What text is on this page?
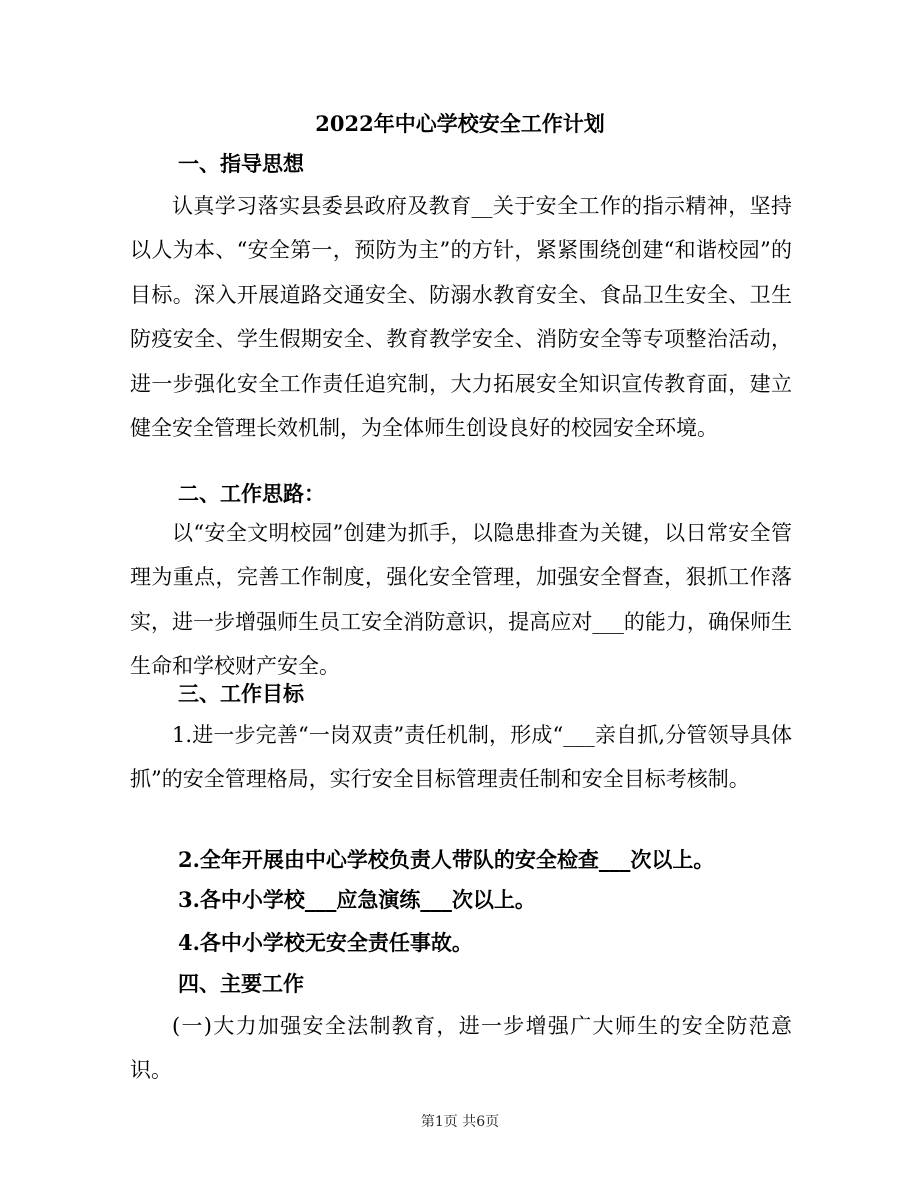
2022年中心学校安全工作计划
一、指导思想

认真学习落实县委县政府及教育__关于安全工作的指示精神，坚持以人为本、“安全第一，预防为主”的方针，紧紧围绕创建“和谐校园”的目标。深入开展道路交通安全、防溺水教育安全、食品卫生安全、卫生防疫安全、学生假期安全、教育教学安全、消防安全等专项整治活动，进一步强化安全工作责任追究制，大力拓展安全知识宣传教育面，建立健全安全管理长效机制，为全体师生创设良好的校园安全环境。

二、工作思路：

以“安全文明校园”创建为抓手，以隐患排查为关键，以日常安全管理为重点，完善工作制度，强化安全管理，加强安全督查，狠抓工作落实，进一步增强师生员工安全消防意识，提高应对___的能力，确保师生生命和学校财产安全。

三、工作目标

1.进一步完善“一岗双责”责任机制，形成“___亲自抓,分管领导具体抓”的安全管理格局，实行安全目标管理责任制和安全目标考核制。

2.全年开展由中心学校负责人带队的安全检查___次以上。
3.各中小学校___应急演练___次以上。
4.各中小学校无安全责任事故。
四、主要工作

(一)大力加强安全法制教育，进一步增强广大师生的安全防范意识。

第1页 共6页
